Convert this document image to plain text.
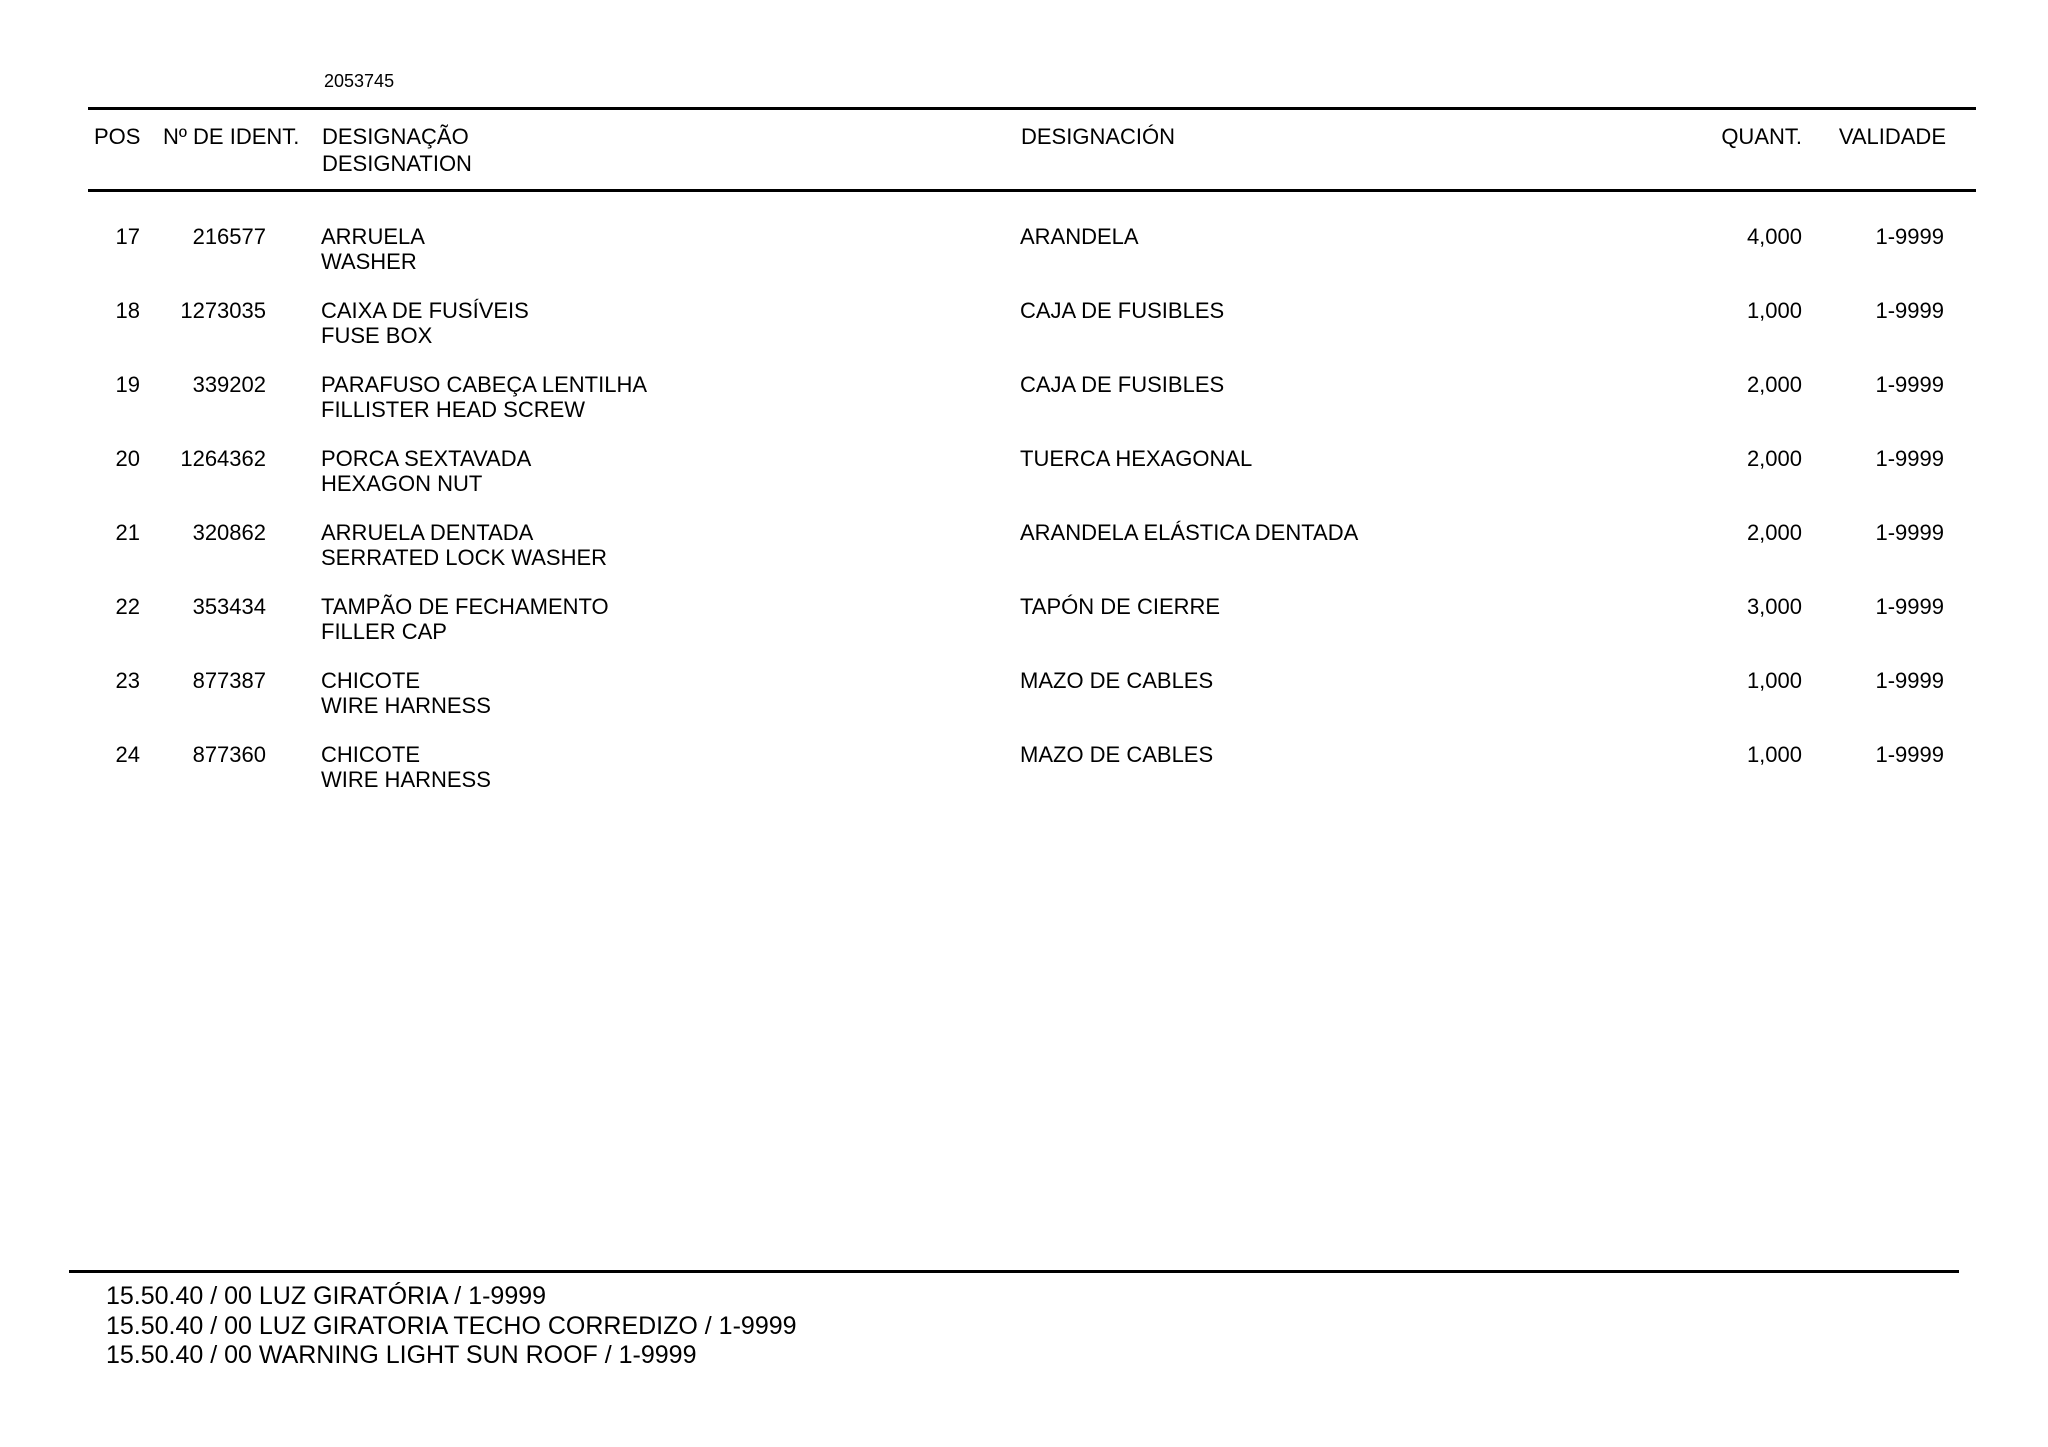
2053745
POS Nº DE IDENT. DESIGNAÇÃO
DESIGNATION
DESIGNACIÓN	QUANT. VALIDADE
17 216577	ARRUELA
WASHER
ARANDELA	4,000	1-9999
18 1273035	CAIXA DE FUSÍVEIS
FUSE BOX
CAJA DE FUSIBLES	1,000	1-9999
19 339202	PARAFUSO CABEÇA LENTILHA
FILLISTER HEAD SCREW
CAJA DE FUSIBLES	2,000	1-9999
20 1264362	PORCA SEXTAVADA
HEXAGON NUT
TUERCA HEXAGONAL	2,000	1-9999
21 320862	ARRUELA DENTADA
SERRATED LOCK WASHER
ARANDELA ELÁSTICA DENTADA	2,000	1-9999
22 353434	TAMPÃO DE FECHAMENTO
FILLER CAP
TAPÓN DE CIERRE	3,000	1-9999
23 877387	CHICOTE
WIRE HARNESS
MAZO DE CABLES	1,000	1-9999
24 877360	CHICOTE
WIRE HARNESS
MAZO DE CABLES	1,000	1-9999
15.50.40 / 00 LUZ GIRATÓRIA / 1-9999
15.50.40 / 00 LUZ GIRATORIA TECHO CORREDIZO / 1-9999
15.50.40 / 00 WARNING LIGHT SUN ROOF / 1-9999
